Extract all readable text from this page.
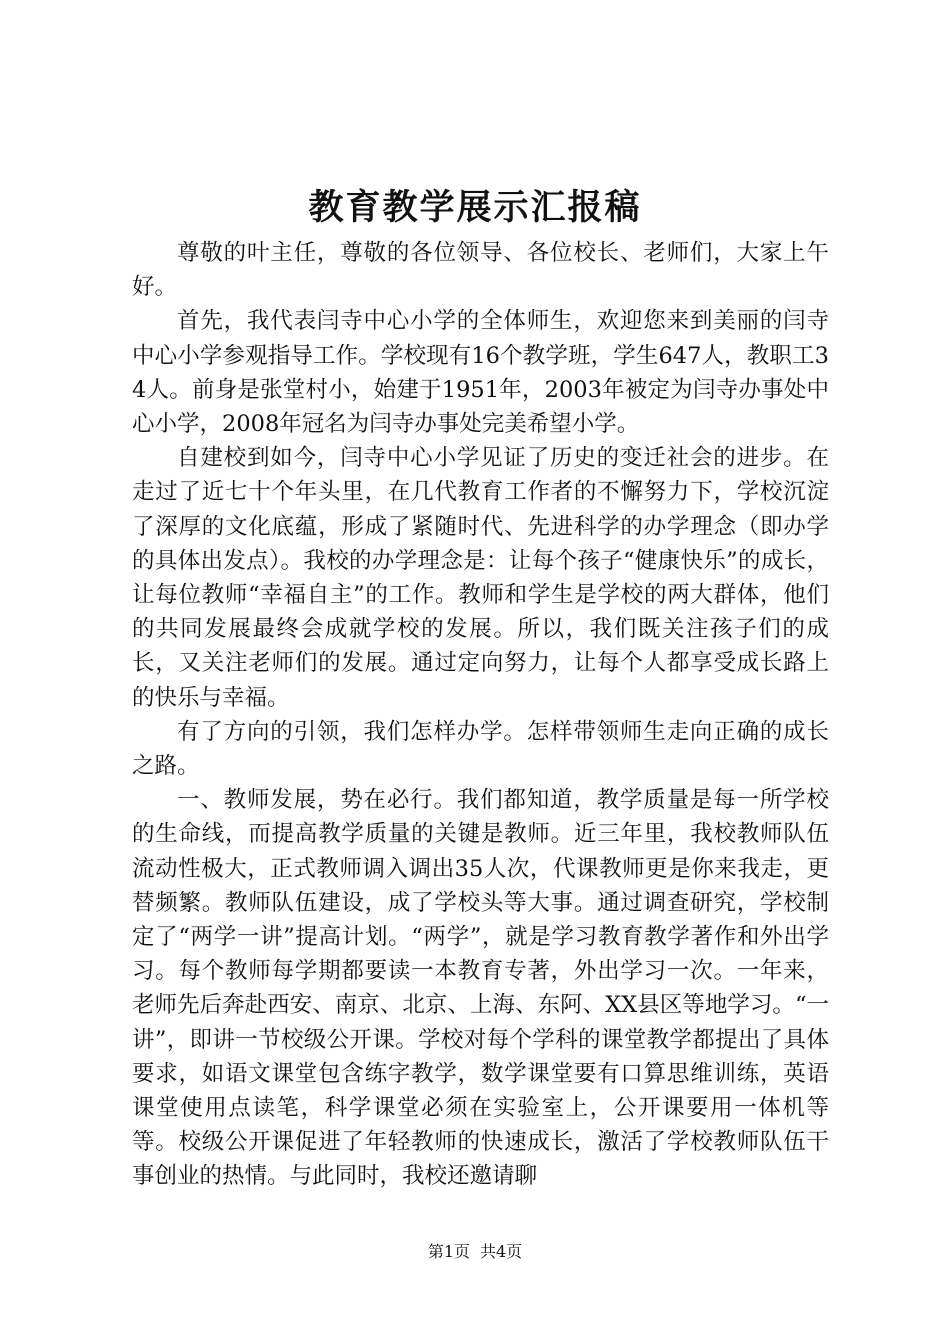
教育教学展示汇报稿

尊敬的叶主任，尊敬的各位领导、各位校长、老师们，大家上午好。

首先，我代表闫寺中心小学的全体师生，欢迎您来到美丽的闫寺中心小学参观指导工作。学校现有16个教学班，学生647人，教职工34人。前身是张堂村小，始建于1951年，2003年被定为闫寺办事处中心小学，2008年冠名为闫寺办事处完美希望小学。

自建校到如今，闫寺中心小学见证了历史的变迁社会的进步。在走过了近七十个年头里，在几代教育工作者的不懈努力下，学校沉淀了深厚的文化底蕴，形成了紧随时代、先进科学的办学理念（即办学的具体出发点）。我校的办学理念是：让每个孩子“健康快乐”的成长，让每位教师“幸福自主”的工作。教师和学生是学校的两大群体，他们的共同发展最终会成就学校的发展。所以，我们既关注孩子们的成长，又关注老师们的发展。通过定向努力，让每个人都享受成长路上的快乐与幸福。

有了方向的引领，我们怎样办学。怎样带领师生走向正确的成长之路。

一、教师发展，势在必行。我们都知道，教学质量是每一所学校的生命线，而提高教学质量的关键是教师。近三年里，我校教师队伍流动性极大，正式教师调入调出35人次，代课教师更是你来我走，更替频繁。教师队伍建设，成了学校头等大事。通过调查研究，学校制定了“两学一讲”提高计划。“两学”，就是学习教育教学著作和外出学习。每个教师每学期都要读一本教育专著，外出学习一次。一年来，老师先后奔赴西安、南京、北京、上海、东阿、XX县区等地学习。“一讲”，即讲一节校级公开课。学校对每个学科的课堂教学都提出了具体要求，如语文课堂包含练字教学，数学课堂要有口算思维训练，英语课堂使用点读笔，科学课堂必须在实验室上，公开课要用一体机等等。校级公开课促进了年轻教师的快速成长，激活了学校教师队伍干事创业的热情。与此同时，我校还邀请聊

第1页 共4页
